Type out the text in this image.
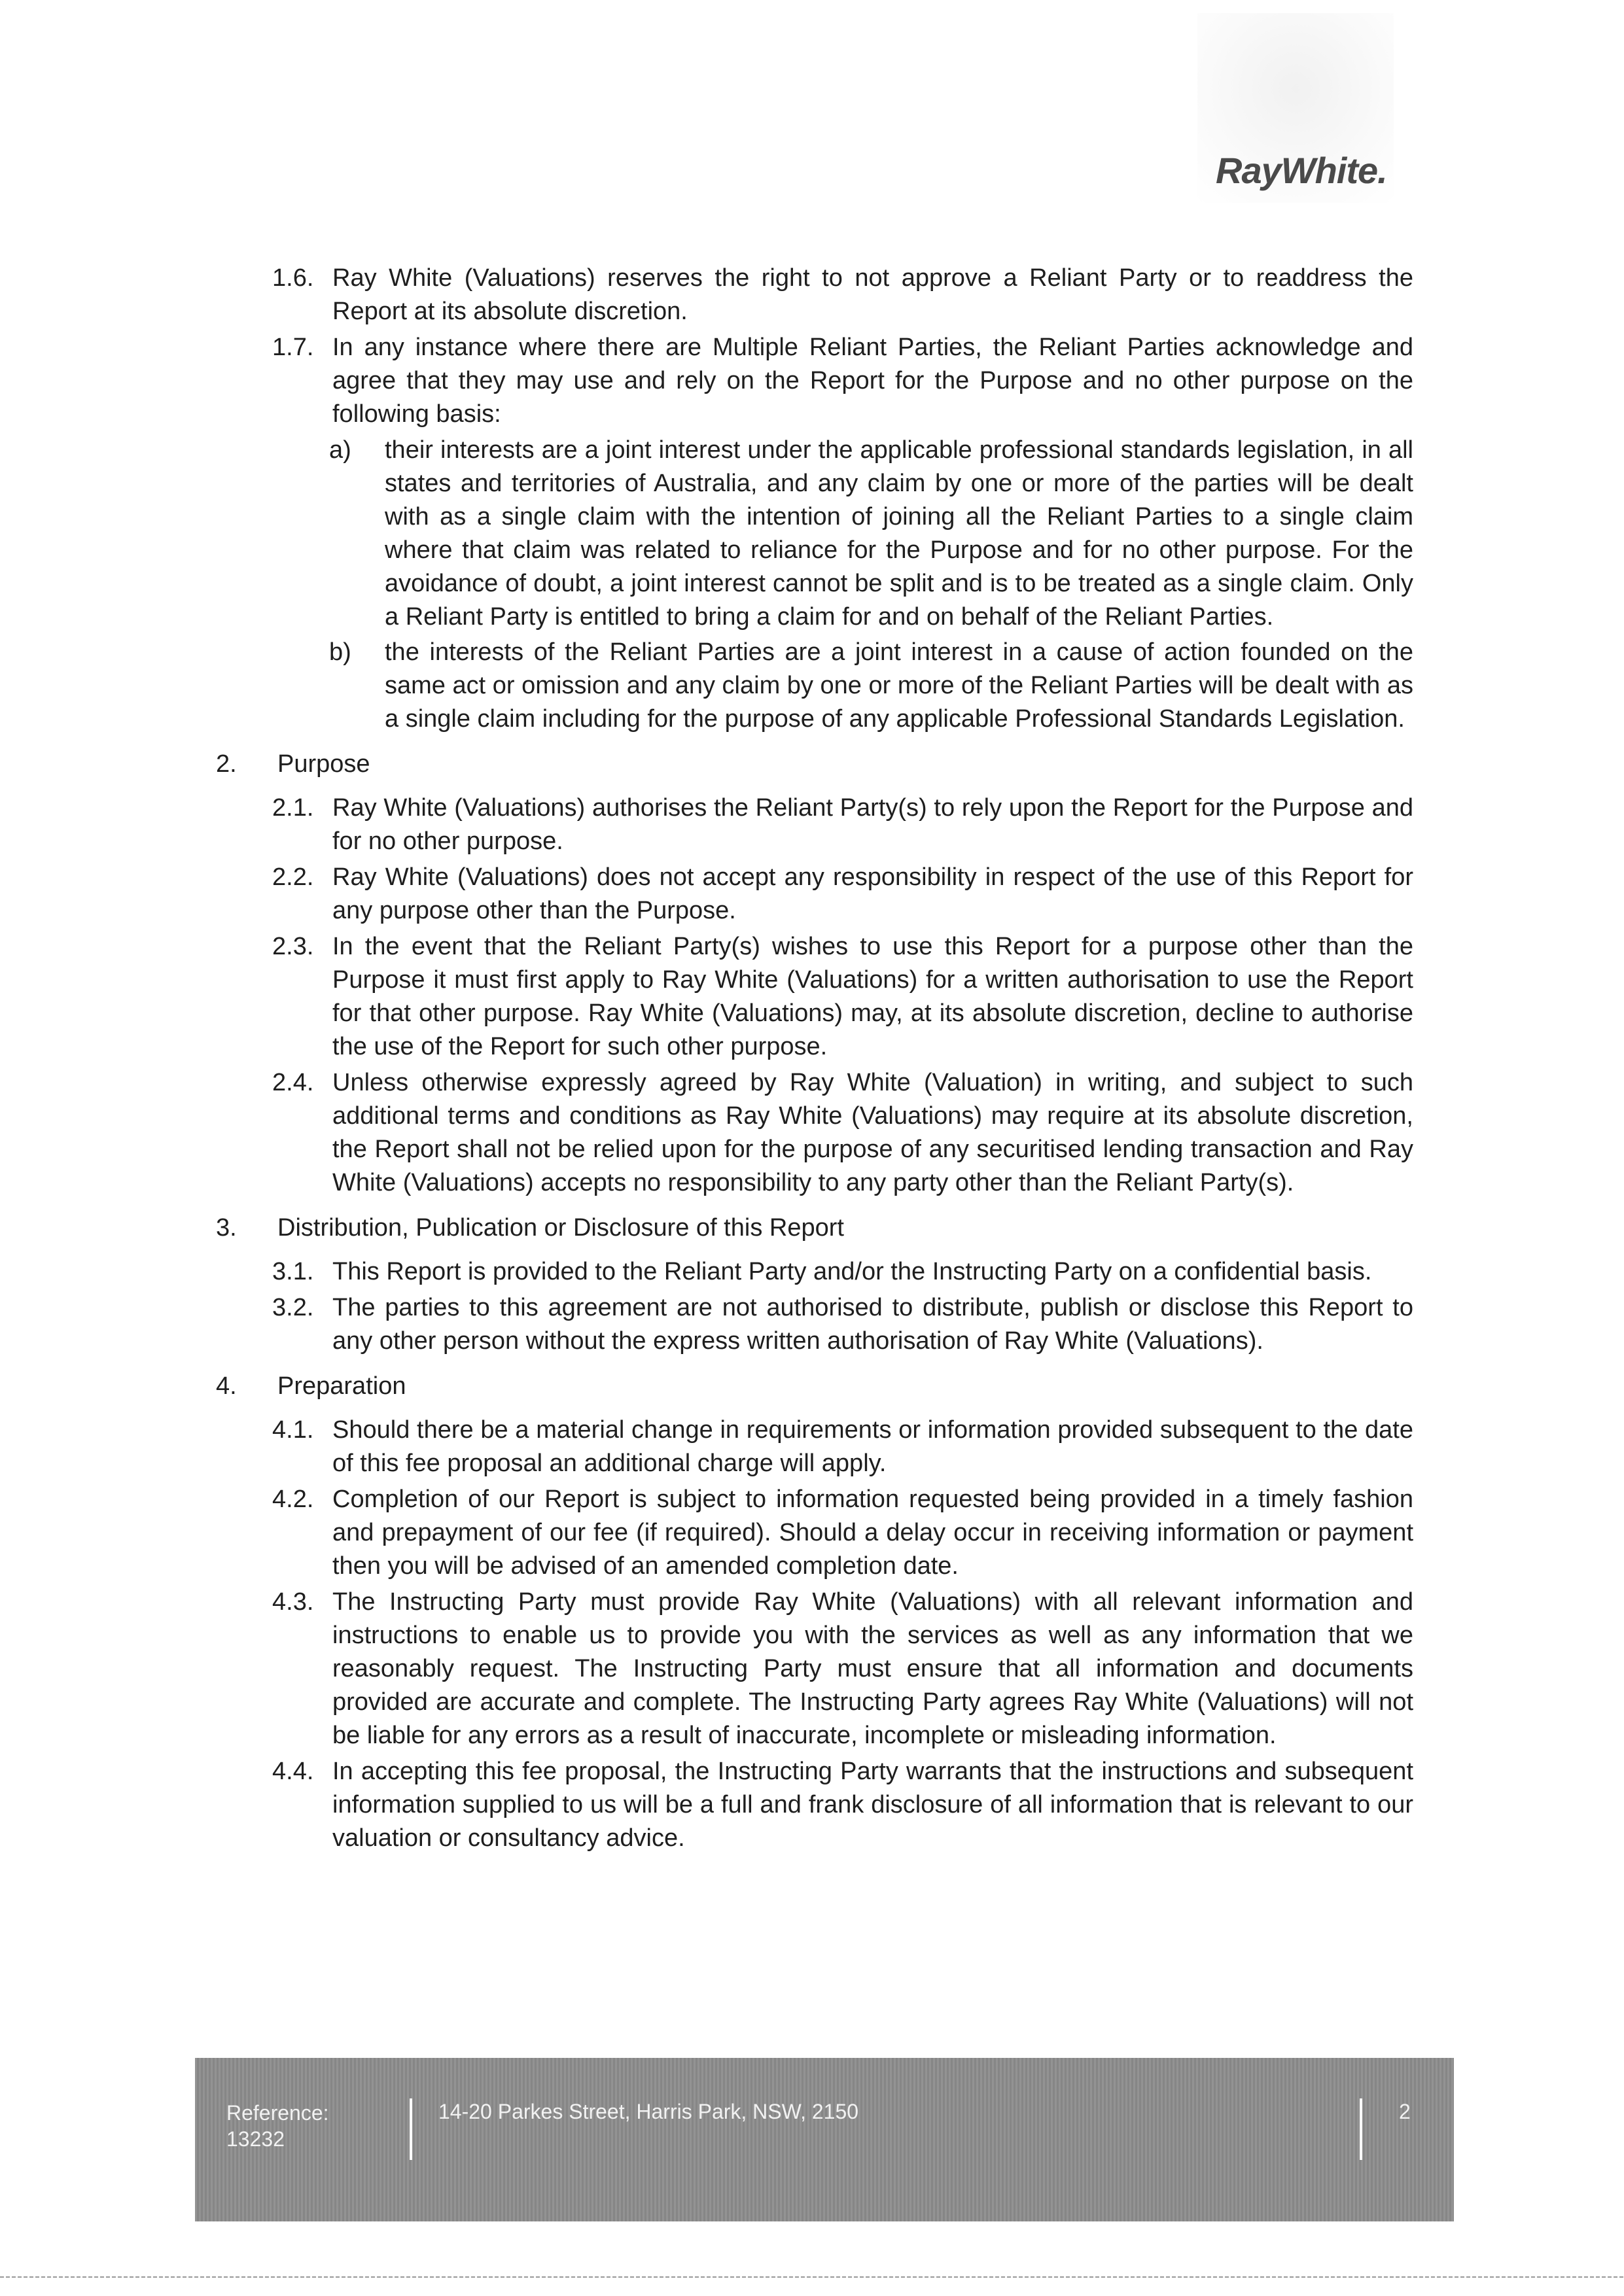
RayWhite.

1.6. Ray White (Valuations) reserves the right to not approve a Reliant Party or to readdress the Report at its absolute discretion.

1.7. In any instance where there are Multiple Reliant Parties, the Reliant Parties acknowledge and agree that they may use and rely on the Report for the Purpose and no other purpose on the following basis:

a) their interests are a joint interest under the applicable professional standards legislation, in all states and territories of Australia, and any claim by one or more of the parties will be dealt with as a single claim with the intention of joining all the Reliant Parties to a single claim where that claim was related to reliance for the Purpose and for no other purpose. For the avoidance of doubt, a joint interest cannot be split and is to be treated as a single claim. Only a Reliant Party is entitled to bring a claim for and on behalf of the Reliant Parties.

b) the interests of the Reliant Parties are a joint interest in a cause of action founded on the same act or omission and any claim by one or more of the Reliant Parties will be dealt with as a single claim including for the purpose of any applicable Professional Standards Legislation.

2. Purpose

2.1. Ray White (Valuations) authorises the Reliant Party(s) to rely upon the Report for the Purpose and for no other purpose.

2.2. Ray White (Valuations) does not accept any responsibility in respect of the use of this Report for any purpose other than the Purpose.

2.3. In the event that the Reliant Party(s) wishes to use this Report for a purpose other than the Purpose it must first apply to Ray White (Valuations) for a written authorisation to use the Report for that other purpose. Ray White (Valuations) may, at its absolute discretion, decline to authorise the use of the Report for such other purpose.

2.4. Unless otherwise expressly agreed by Ray White (Valuation) in writing, and subject to such additional terms and conditions as Ray White (Valuations) may require at its absolute discretion, the Report shall not be relied upon for the purpose of any securitised lending transaction and Ray White (Valuations) accepts no responsibility to any party other than the Reliant Party(s).

3. Distribution, Publication or Disclosure of this Report

3.1. This Report is provided to the Reliant Party and/or the Instructing Party on a confidential basis.

3.2. The parties to this agreement are not authorised to distribute, publish or disclose this Report to any other person without the express written authorisation of Ray White (Valuations).

4. Preparation

4.1. Should there be a material change in requirements or information provided subsequent to the date of this fee proposal an additional charge will apply.

4.2. Completion of our Report is subject to information requested being provided in a timely fashion and prepayment of our fee (if required). Should a delay occur in receiving information or payment then you will be advised of an amended completion date.

4.3. The Instructing Party must provide Ray White (Valuations) with all relevant information and instructions to enable us to provide you with the services as well as any information that we reasonably request. The Instructing Party must ensure that all information and documents provided are accurate and complete. The Instructing Party agrees Ray White (Valuations) will not be liable for any errors as a result of inaccurate, incomplete or misleading information.

4.4. In accepting this fee proposal, the Instructing Party warrants that the instructions and subsequent information supplied to us will be a full and frank disclosure of all information that is relevant to our valuation or consultancy advice.

Reference:
13232
14-20 Parkes Street, Harris Park, NSW, 2150	2
